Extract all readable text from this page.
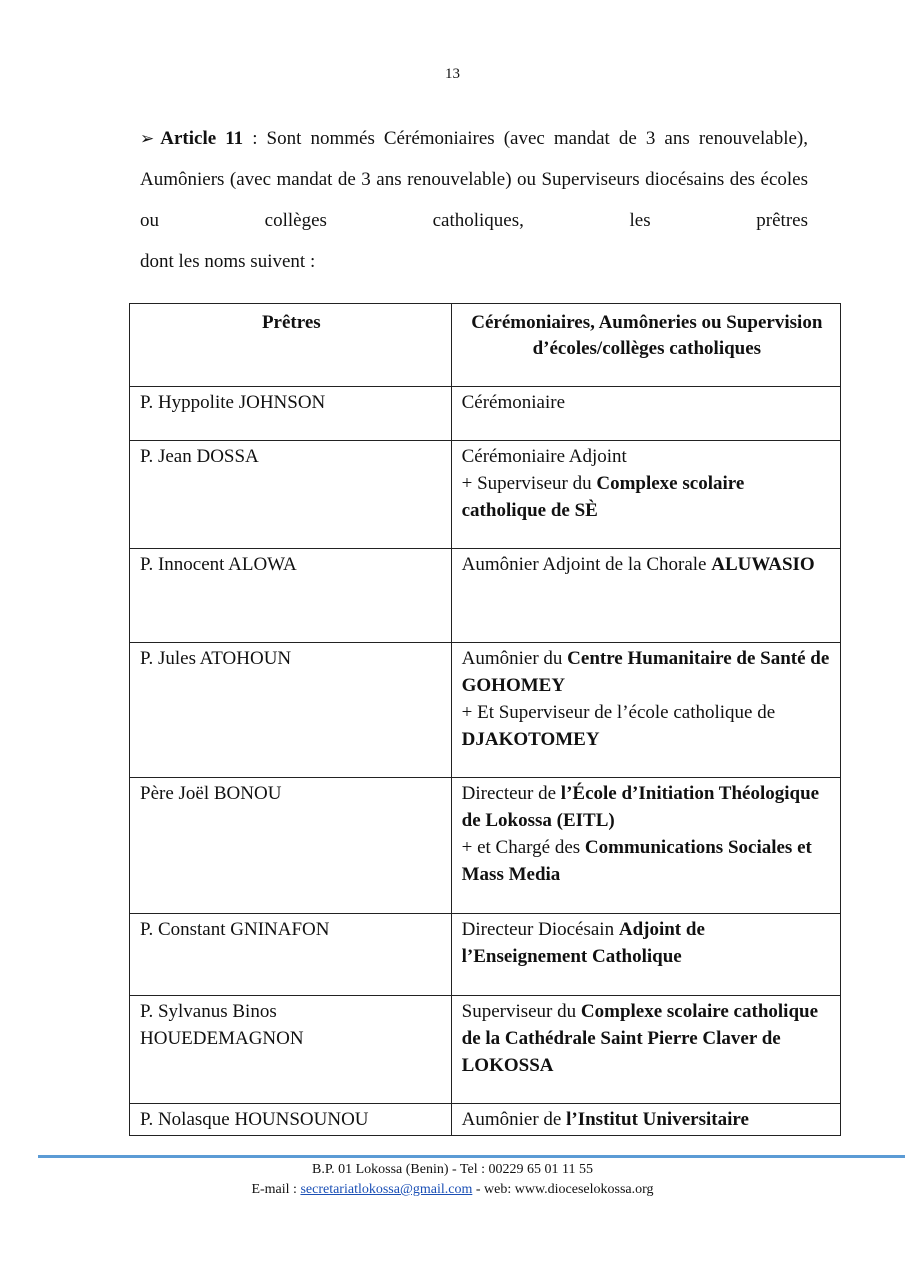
13
➢ Article 11 : Sont nommés Cérémoniaires (avec mandat de 3 ans renouvelable), Aumôniers (avec mandat de 3 ans renouvelable) ou Superviseurs diocésains des écoles ou collèges catholiques, les prêtres
dont les noms suivent :
Prêtres	Cérémoniaires, Aumôneries ou Supervision d’écoles/collèges catholiques
P. Hyppolite JOHNSON	Cérémoniaire
P. Jean DOSSA	Cérémoniaire Adjoint
+ Superviseur du Complexe scolaire catholique de SÈ
P. Innocent ALOWA	Aumônier Adjoint de la Chorale ALUWASIO
P. Jules ATOHOUN	Aumônier du Centre Humanitaire de Santé de GOHOMEY
+ Et Superviseur de l’école catholique de DJAKOTOMEY
Père Joël BONOU	Directeur de l’École d’Initiation Théologique de Lokossa (EITL)
+ et Chargé des Communications Sociales et Mass Media
P. Constant GNINAFON	Directeur Diocésain Adjoint de l’Enseignement Catholique
P. Sylvanus Binos HOUEDEMAGNON	Superviseur du Complexe scolaire catholique de la Cathédrale Saint Pierre Claver de LOKOSSA
P. Nolasque HOUNSOUNOU	Aumônier de l’Institut Universitaire
B.P. 01 Lokossa (Benin) - Tel : 00229 65 01 11 55
E-mail : secretariatlokossa@gmail.com - web: www.dioceselokossa.org
